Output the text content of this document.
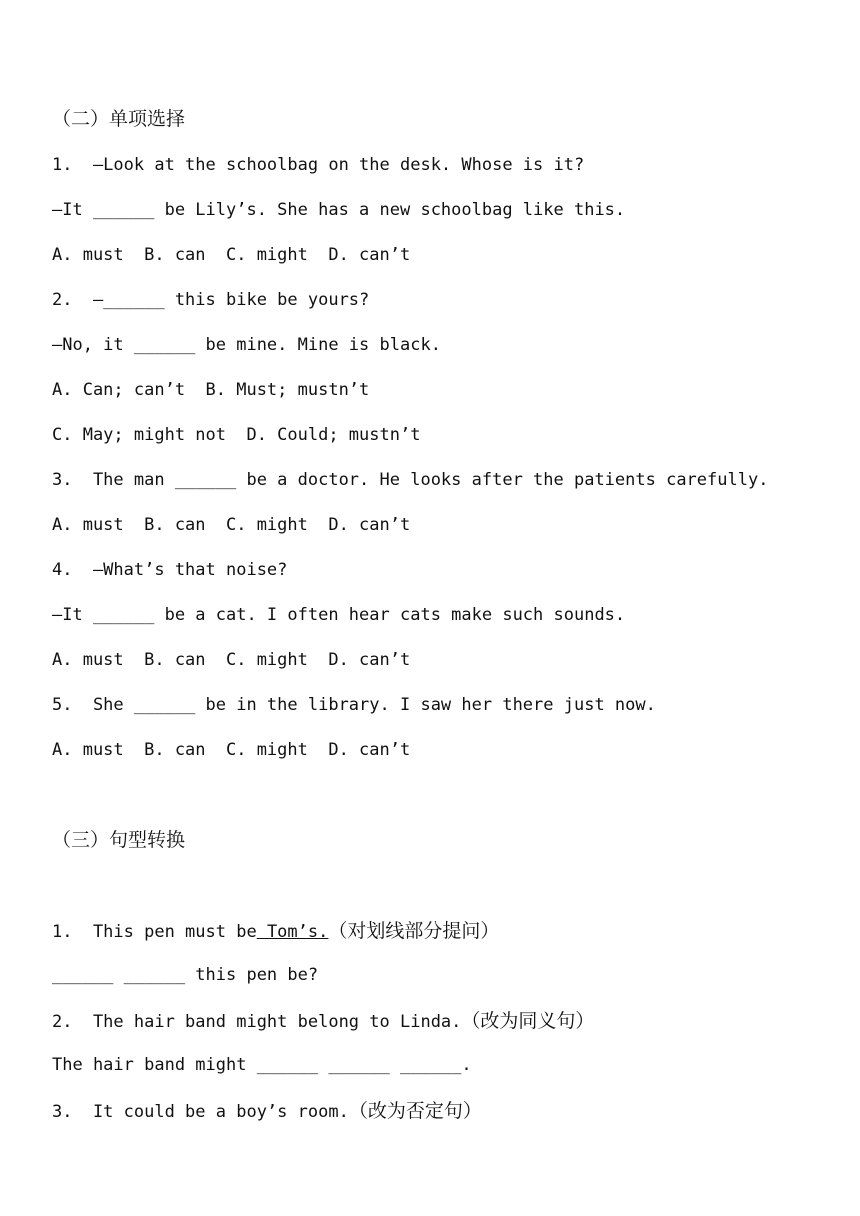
（二）单项选择
1.  —Look at the schoolbag on the desk. Whose is it?
—It ______ be Lily’s. She has a new schoolbag like this.
A. must  B. can  C. might  D. can’t
2.  —______ this bike be yours?
—No, it ______ be mine. Mine is black.
A. Can; can’t  B. Must; mustn’t
C. May; might not  D. Could; mustn’t
3.  The man ______ be a doctor. He looks after the patients carefully.
A. must  B. can  C. might  D. can’t
4.  —What’s that noise?
—It ______ be a cat. I often hear cats make such sounds.
A. must  B. can  C. might  D. can’t
5.  She ______ be in the library. I saw her there just now.
A. must  B. can  C. might  D. can’t
（三）句型转换
1.  This pen must be Tom’s.（对划线部分提问）
______ ______ this pen be?
2.  The hair band might belong to Linda.（改为同义句）
The hair band might ______ ______ ______.
3.  It could be a boy’s room.（改为否定句）
